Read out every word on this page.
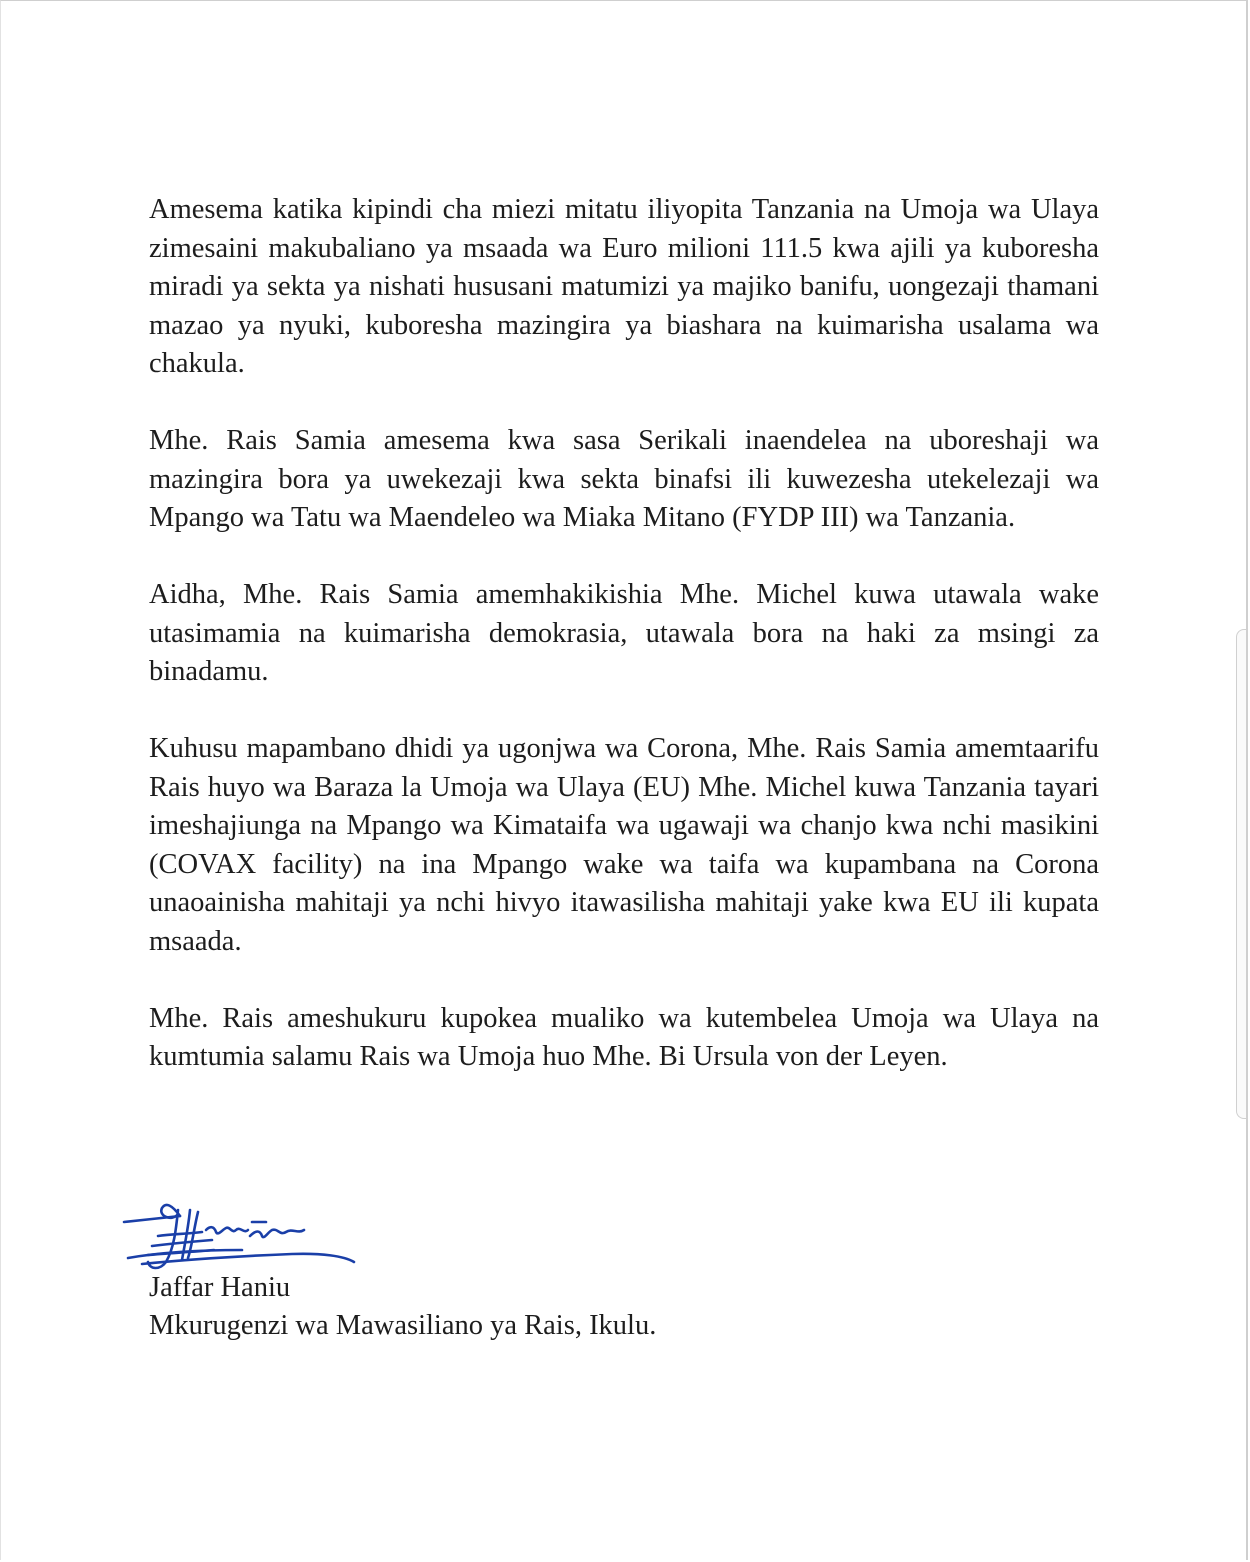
Amesema katika kipindi cha miezi mitatu iliyopita Tanzania na Umoja wa Ulaya zimesaini makubaliano ya msaada wa Euro milioni 111.5 kwa ajili ya kuboresha miradi ya sekta ya nishati hususani matumizi ya majiko banifu, uongezaji thamani mazao ya nyuki, kuboresha mazingira ya biashara na kuimarisha usalama wa chakula.

Mhe. Rais Samia amesema kwa sasa Serikali inaendelea na uboreshaji wa mazingira bora ya uwekezaji kwa sekta binafsi ili kuwezesha utekelezaji wa Mpango wa Tatu wa Maendeleo wa Miaka Mitano (FYDP III) wa Tanzania.

Aidha, Mhe. Rais Samia amemhakikishia Mhe. Michel kuwa utawala wake utasimamia na kuimarisha demokrasia, utawala bora na haki za msingi za binadamu.

Kuhusu mapambano dhidi ya ugonjwa wa Corona, Mhe. Rais Samia amemtaarifu Rais huyo wa Baraza la Umoja wa Ulaya (EU) Mhe. Michel kuwa Tanzania tayari imeshajiunga na Mpango wa Kimataifa wa ugawaji wa chanjo kwa nchi masikini (COVAX facility) na ina Mpango wake wa taifa wa kupambana na Corona unaoainisha mahitaji ya nchi hivyo itawasilisha mahitaji yake kwa EU ili kupata msaada.

Mhe. Rais ameshukuru kupokea mualiko wa kutembelea Umoja wa Ulaya na kumtumia salamu Rais wa Umoja huo Mhe. Bi Ursula von der Leyen.

Jaffar Haniu
Mkurugenzi wa Mawasiliano ya Rais, Ikulu.
